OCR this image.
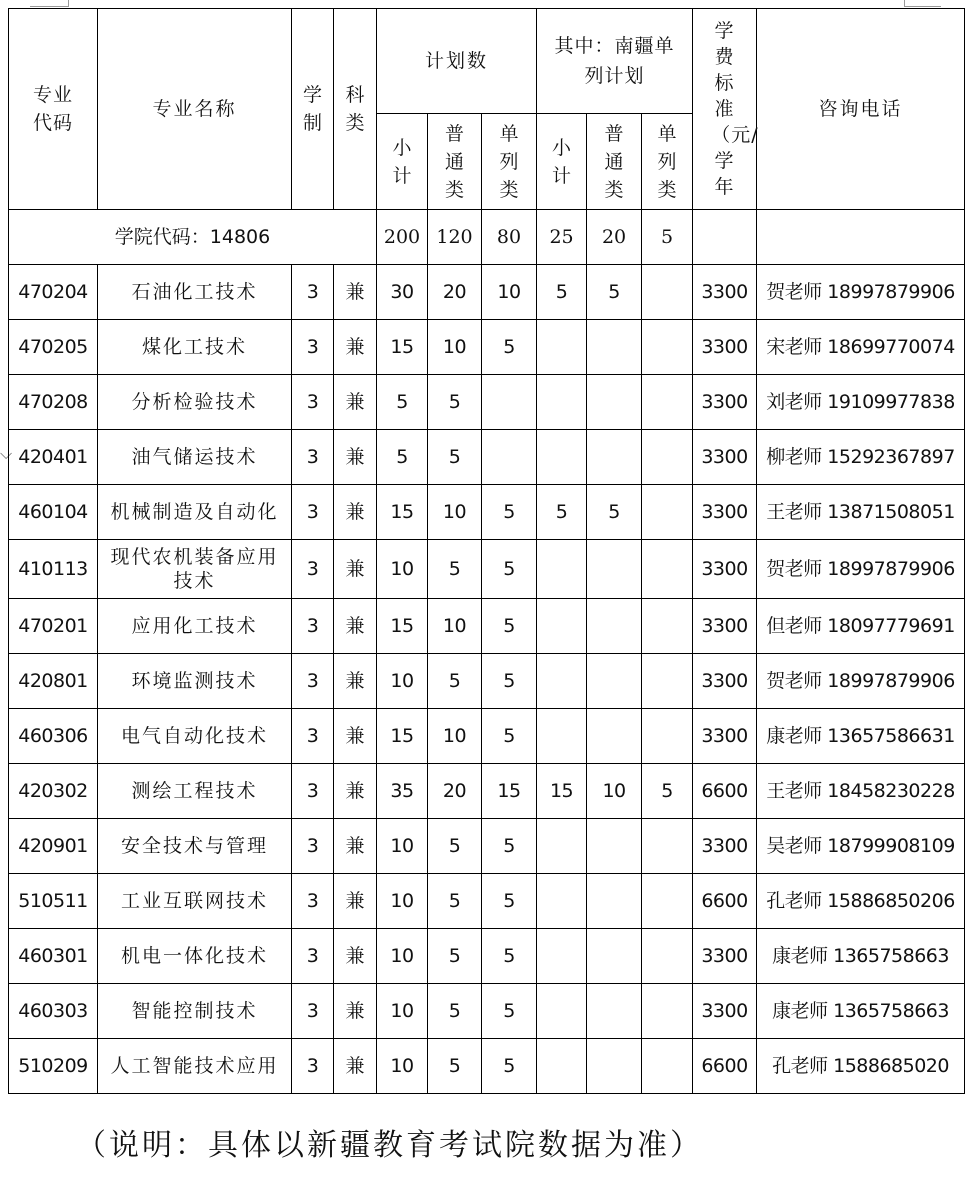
⌵
专业代码	专业名称	学制	科类	计划数			其中：南疆单列计划			学费标准（元/学年	咨询电话

				小计	普通类	单列类	小计	普通类	单列类		

学院代码：14806				200	120	80	25	20	5		
470204	石油化工技术	3	兼	30	20	10	5	5		3300	贺老师 18997879906
470205	煤化工技术	3	兼	15	10	5				3300	宋老师 18699770074
470208	分析检验技术	3	兼	5	5					3300	刘老师 19109977838
420401	油气储运技术	3	兼	5	5					3300	柳老师 15292367897
460104	机械制造及自动化	3	兼	15	10	5	5	5		3300	王老师 13871508051
410113	现代农机装备应用技术	3	兼	10	5	5				3300	贺老师 18997879906
470201	应用化工技术	3	兼	15	10	5				3300	但老师 18097779691
420801	环境监测技术	3	兼	10	5	5				3300	贺老师 18997879906
460306	电气自动化技术	3	兼	15	10	5				3300	康老师 13657586631
420302	测绘工程技术	3	兼	35	20	15	15	10	5	6600	王老师 18458230228
420901	安全技术与管理	3	兼	10	5	5				3300	吴老师 18799908109
510511	工业互联网技术	3	兼	10	5	5				6600	孔老师 15886850206
460301	机电一体化技术	3	兼	10	5	5				3300	康老师 1365758663
460303	智能控制技术	3	兼	10	5	5				3300	康老师 1365758663
510209	人工智能技术应用	3	兼	10	5	5				6600	孔老师 1588685020
（说明：具体以新疆教育考试院数据为准）
